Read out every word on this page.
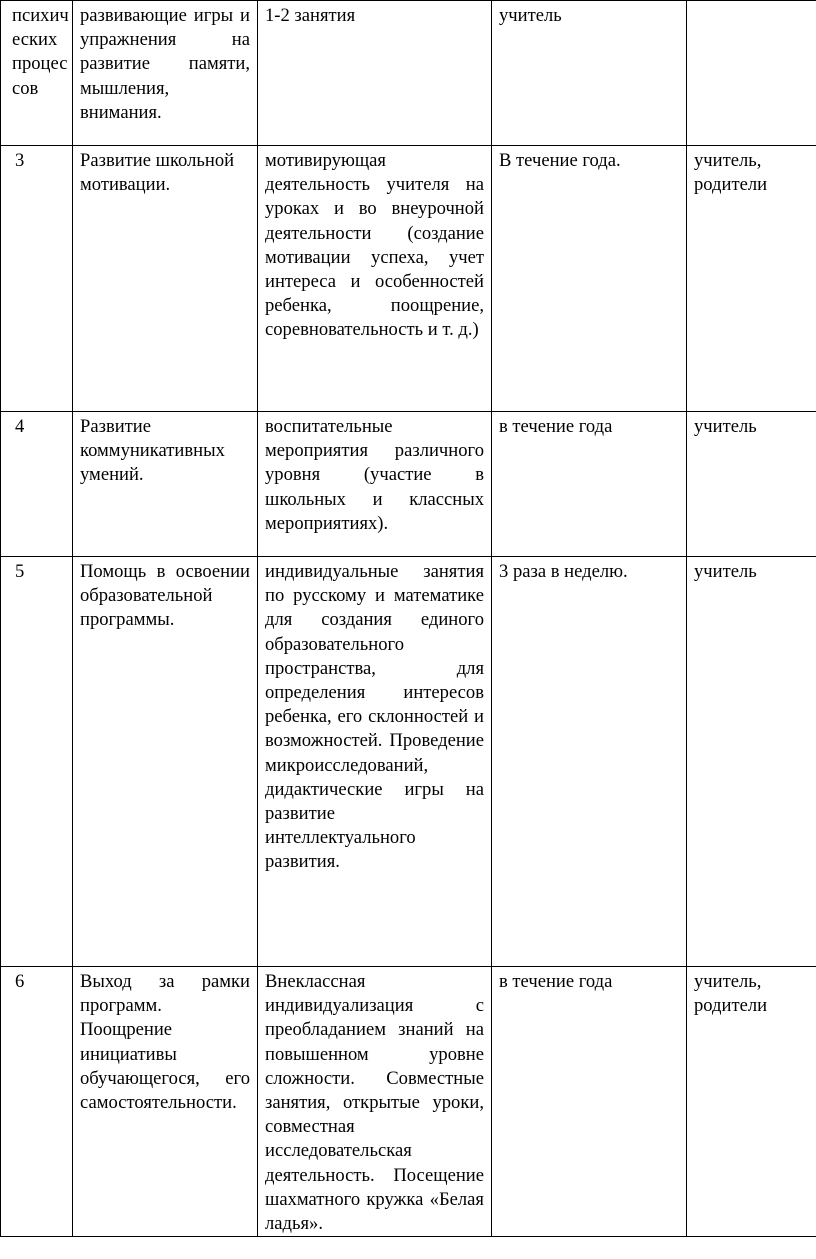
психических процессов	развивающие игры и упражнения на развитие памяти, мышления, внимания.	1-2 занятия	учитель	
3	Развитие школьной мотивации.	мотивирующая деятельность учителя на уроках и во внеурочной деятельности (создание мотивации успеха, учет интереса и особенностей ребенка, поощрение, соревновательность и т. д.)	В течение года.	учитель, родители
4	Развитие коммуникативных умений.	воспитательные мероприятия различного уровня (участие в школьных и классных мероприятиях).	в течение года	учитель
5	Помощь в освоении образовательной программы.	индивидуальные занятия по русскому и математике для создания единого образовательного пространства, для определения интересов ребенка, его склонностей и возможностей. Проведение микроисследований, дидактические игры на развитие интеллектуального развития.	3 раза в неделю.	учитель
6	Выход за рамки программ. Поощрение инициативы обучающегося, его самостоятельности.	Внеклассная индивидуализация с преобладанием знаний на повышенном уровне сложности. Совместные занятия, открытые уроки, совместная исследовательская деятельность. Посещение шахматного кружка «Белая ладья».	в течение года	учитель, родители
